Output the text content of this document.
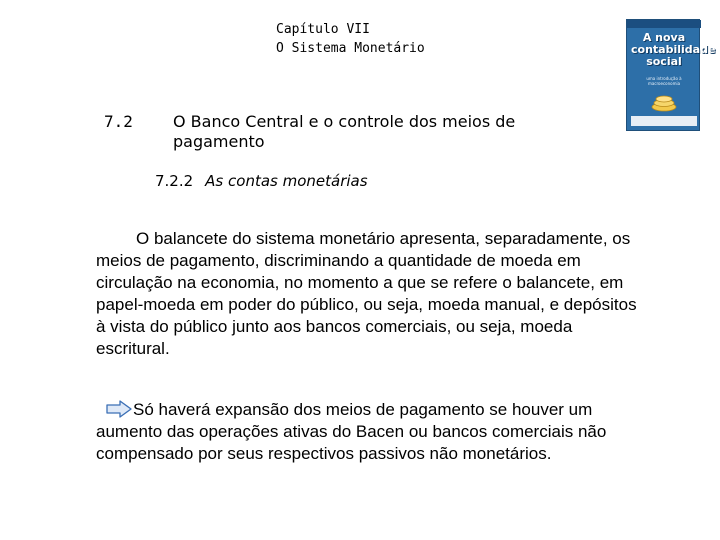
Capítulo VII
O Sistema Monetário
A nova contabilidade social
uma introdução à macroeconomia
7.2	O Banco Central e o controle dos meios de pagamento
7.2.2 As contas monetárias

O balancete do sistema monetário apresenta, separadamente, os meios de pagamento, discriminando a quantidade de moeda em circulação na economia, no momento a que se refere o balancete, em papel-moeda em poder do público, ou seja, moeda manual, e depósitos à vista do público junto aos bancos comerciais, ou seja, moeda escritural.

Só haverá expansão dos meios de pagamento se houver um aumento das operações ativas do Bacen ou bancos comerciais não compensado por seus respectivos passivos não monetários.
